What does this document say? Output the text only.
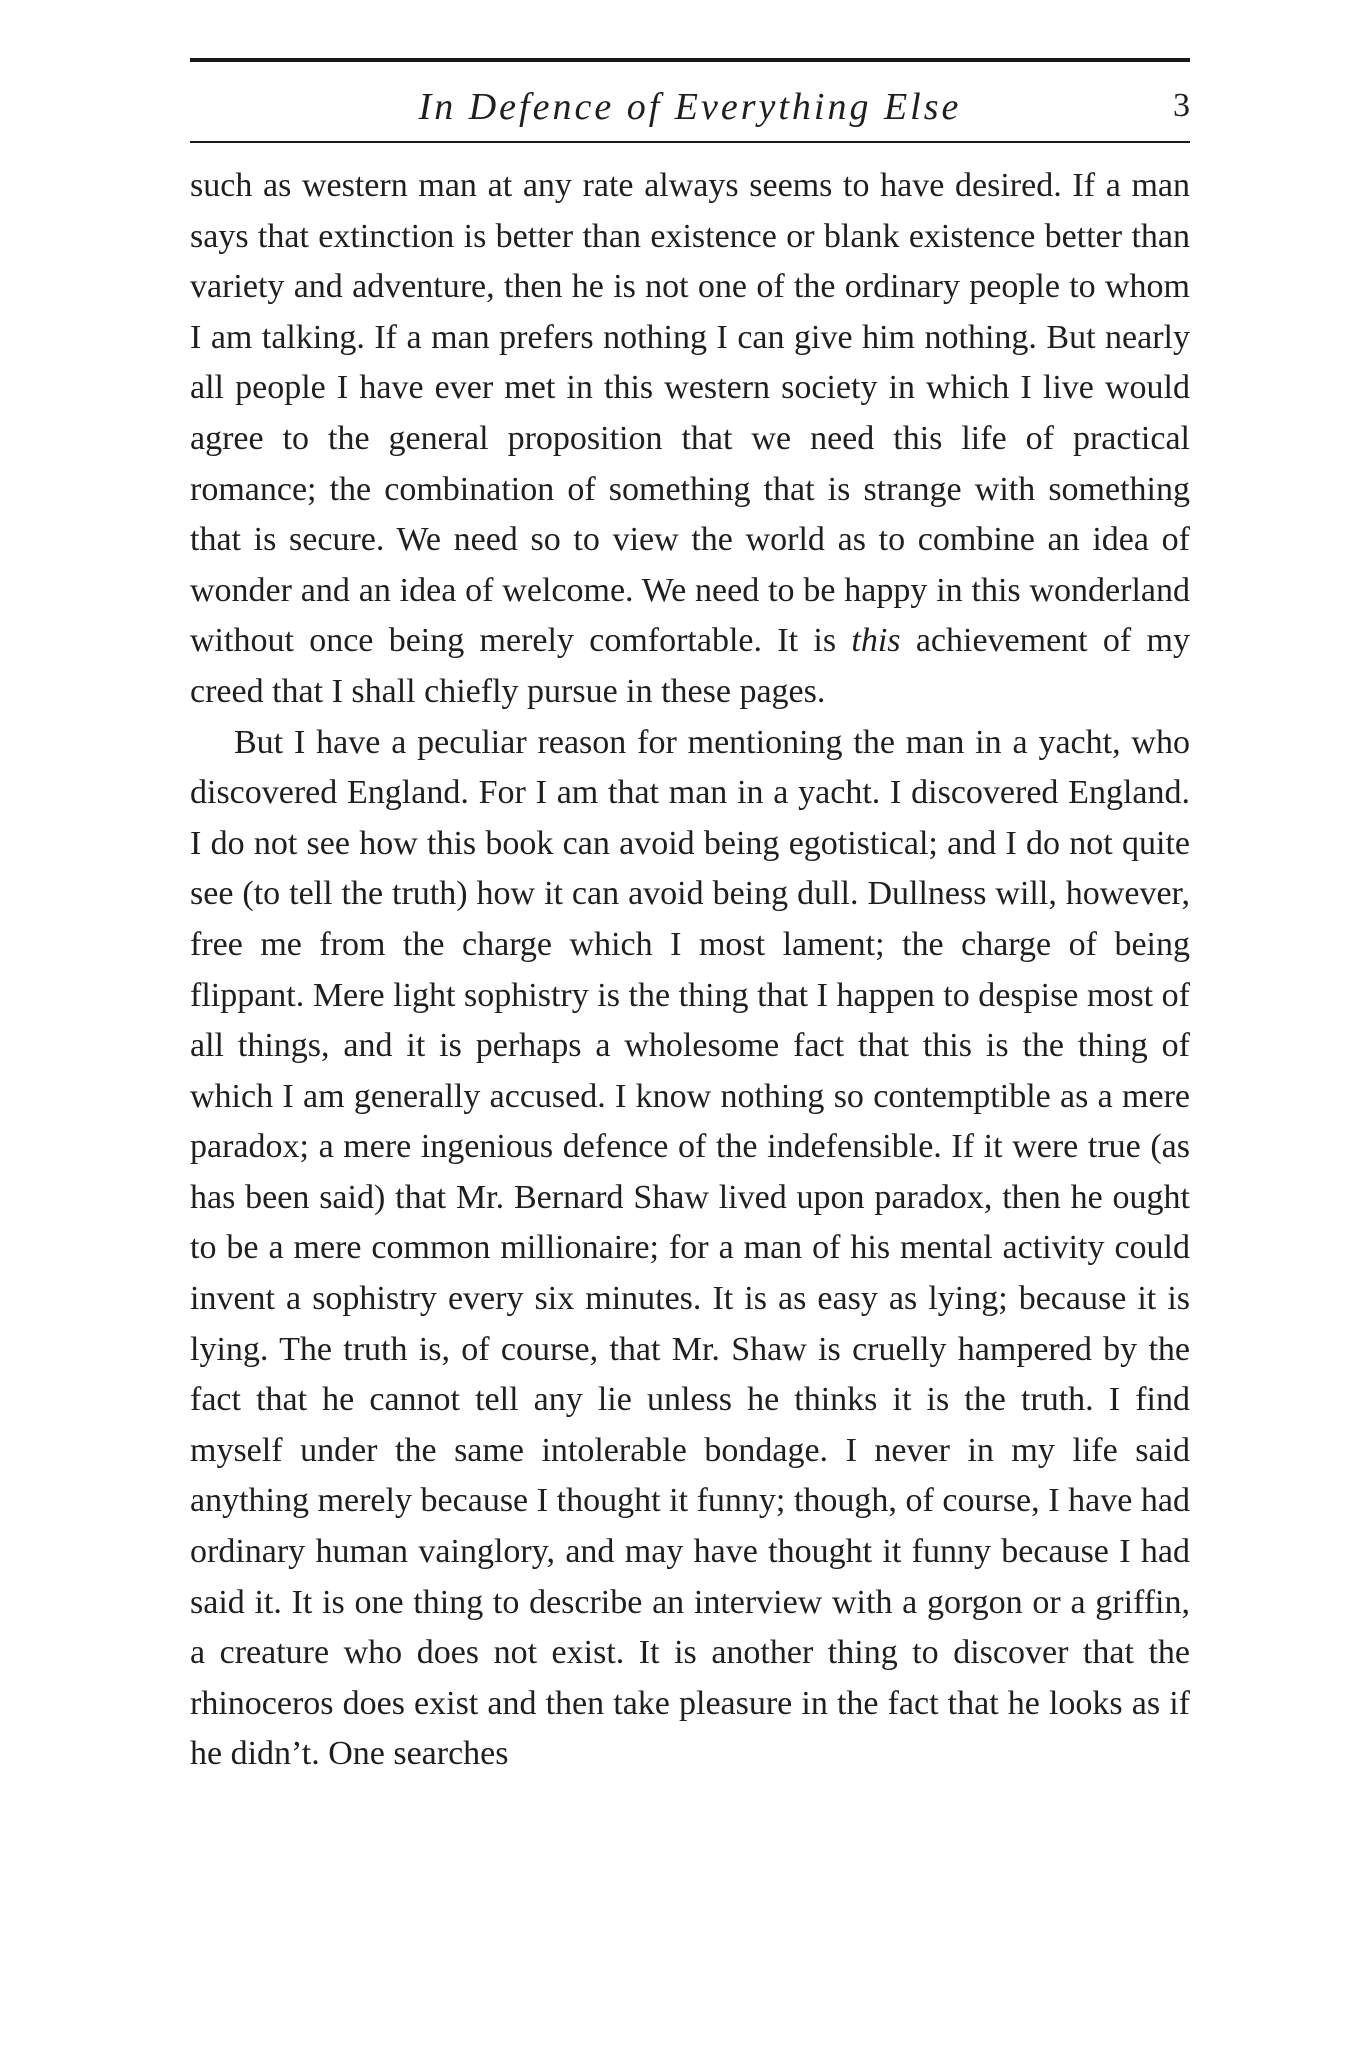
In Defence of Everything Else	3

such as western man at any rate always seems to have desired. If a man says that extinction is better than existence or blank existence better than variety and adventure, then he is not one of the ordinary people to whom I am talking. If a man prefers nothing I can give him nothing. But nearly all people I have ever met in this western society in which I live would agree to the general proposition that we need this life of practical romance; the combination of something that is strange with something that is secure. We need so to view the world as to combine an idea of wonder and an idea of welcome. We need to be happy in this wonderland without once being merely comfortable. It is this achievement of my creed that I shall chiefly pursue in these pages.

But I have a peculiar reason for mentioning the man in a yacht, who discovered England. For I am that man in a yacht. I discovered England. I do not see how this book can avoid being egotistical; and I do not quite see (to tell the truth) how it can avoid being dull. Dullness will, however, free me from the charge which I most lament; the charge of being flippant. Mere light sophistry is the thing that I happen to despise most of all things, and it is perhaps a wholesome fact that this is the thing of which I am generally accused. I know nothing so contemptible as a mere paradox; a mere ingenious defence of the indefensible. If it were true (as has been said) that Mr. Bernard Shaw lived upon paradox, then he ought to be a mere common millionaire; for a man of his mental activity could invent a sophistry every six minutes. It is as easy as lying; because it is lying. The truth is, of course, that Mr. Shaw is cruelly hampered by the fact that he cannot tell any lie unless he thinks it is the truth. I find myself under the same intolerable bondage. I never in my life said anything merely because I thought it funny; though, of course, I have had ordinary human vainglory, and may have thought it funny because I had said it. It is one thing to describe an interview with a gorgon or a griffin, a creature who does not exist. It is another thing to discover that the rhinoceros does exist and then take pleasure in the fact that he looks as if he didn’t. One searches
